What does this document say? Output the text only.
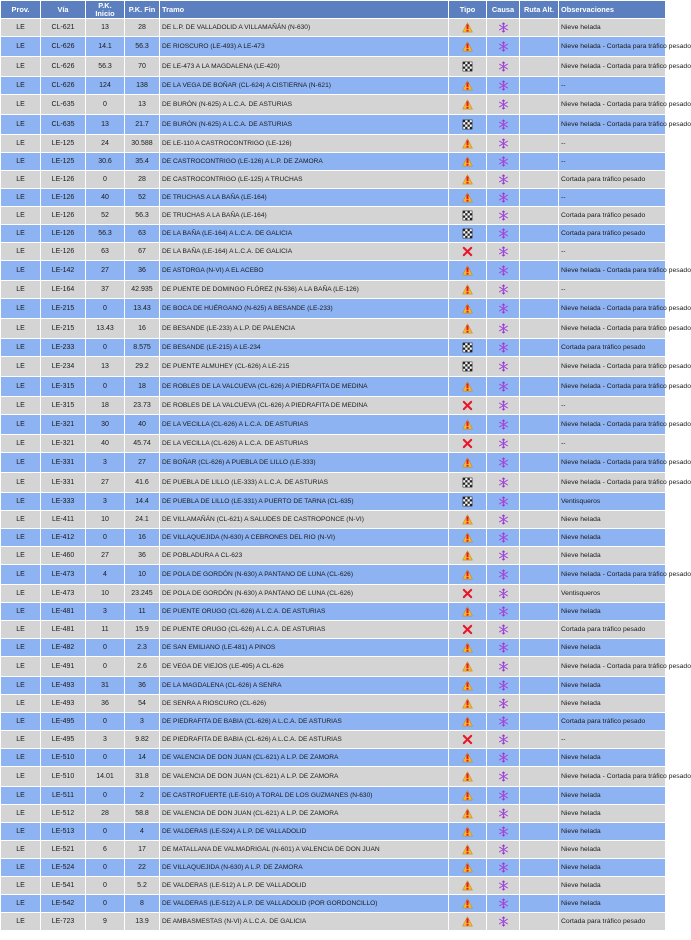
Prov.	Vía	P.K. Inicio	P.K. Fin	Tramo	Tipo	Causa	Ruta Alt.	Observaciones
LE	CL-621	13	28	DE L.P. DE VALLADOLID A VILLAMAÑÁN (N-630)				Nieve helada
LE	CL-626	14.1	56.3	DE RIOSCURO (LE-493) A LE-473				Nieve helada - Cortada para tráfico pesado
LE	CL-626	56.3	70	DE LE-473 A LA MAGDALENA (LE-420)				Nieve helada - Cortada para tráfico pesado
LE	CL-626	124	138	DE LA VEGA DE BOÑAR (CL-624) A CISTIERNA (N-621)				--
LE	CL-635	0	13	DE BURÓN (N-625) A L.C.A. DE ASTURIAS				Nieve helada - Cortada para tráfico pesado
LE	CL-635	13	21.7	DE BURÓN (N-625) A L.C.A. DE ASTURIAS				Nieve helada - Cortada para tráfico pesado
LE	LE-125	24	30.588	DE LE-110 A CASTROCONTRIGO (LE-126)				--
LE	LE-125	30.6	35.4	DE CASTROCONTRIGO (LE-126) A L.P. DE ZAMORA				--
LE	LE-126	0	28	DE CASTROCONTRIGO (LE-125) A TRUCHAS				Cortada para tráfico pesado
LE	LE-126	40	52	DE TRUCHAS A LA BAÑA (LE-164)				--
LE	LE-126	52	56.3	DE TRUCHAS A LA BAÑA (LE-164)				Cortada para tráfico pesado
LE	LE-126	56.3	63	DE LA BAÑA (LE-164) A L.C.A. DE GALICIA				Cortada para tráfico pesado
LE	LE-126	63	67	DE LA BAÑA (LE-164) A L.C.A. DE GALICIA				--
LE	LE-142	27	36	DE ASTORGA (N-VI) A EL ACEBO				Nieve helada - Cortada para tráfico pesado
LE	LE-164	37	42.935	DE PUENTE DE DOMINGO FLÓREZ (N-536) A LA BAÑA (LE-126)				--
LE	LE-215	0	13.43	DE BOCA DE HUÉRGANO (N-625) A BESANDE (LE-233)				Nieve helada - Cortada para tráfico pesado
LE	LE-215	13.43	16	DE BESANDE (LE-233) A L.P. DE PALENCIA				Nieve helada - Cortada para tráfico pesado
LE	LE-233	0	8.575	DE BESANDE (LE-215) A LE-234				Cortada para tráfico pesado
LE	LE-234	13	29.2	DE PUENTE ALMUHEY (CL-626) A LE-215				Nieve helada - Cortada para tráfico pesado
LE	LE-315	0	18	DE ROBLES DE LA VALCUEVA (CL-626) A PIEDRAFITA DE MEDINA				Nieve helada - Cortada para tráfico pesado
LE	LE-315	18	23.73	DE ROBLES DE LA VALCUEVA (CL-626) A PIEDRAFITA DE MEDINA				--
LE	LE-321	30	40	DE LA VECILLA (CL-626) A L.C.A. DE ASTURIAS				Nieve helada - Cortada para tráfico pesado
LE	LE-321	40	45.74	DE LA VECILLA (CL-626) A L.C.A. DE ASTURIAS				--
LE	LE-331	3	27	DE BOÑAR (CL-626) A PUEBLA DE LILLO (LE-333)				Nieve helada - Cortada para tráfico pesado
LE	LE-331	27	41.6	DE PUEBLA DE LILLO (LE-333) A L.C.A. DE ASTURIAS				Nieve helada - Cortada para tráfico pesado
LE	LE-333	3	14.4	DE PUEBLA DE LILLO (LE-331) A PUERTO DE TARNA (CL-635)				Ventisqueros
LE	LE-411	10	24.1	DE VILLAMAÑÁN (CL-621) A SALUDES DE CASTROPONCE (N-VI)				Nieve helada
LE	LE-412	0	16	DE VILLAQUEJIDA (N-630) A CEBRONES DEL RIO (N-VI)				Nieve helada
LE	LE-460	27	36	DE POBLADURA A CL-623				Nieve helada
LE	LE-473	4	10	DE POLA DE GORDÓN (N-630) A PANTANO DE LUNA (CL-626)				Nieve helada - Cortada para tráfico pesado
LE	LE-473	10	23.245	DE POLA DE GORDÓN (N-630) A PANTANO DE LUNA (CL-626)				Ventisqueros
LE	LE-481	3	11	DE PUENTE ORUGO (CL-626) A L.C.A. DE ASTURIAS				Nieve helada
LE	LE-481	11	15.9	DE PUENTE ORUGO (CL-626) A L.C.A. DE ASTURIAS				Cortada para tráfico pesado
LE	LE-482	0	2.3	DE SAN EMILIANO (LE-481) A PINOS				Nieve helada
LE	LE-491	0	2.6	DE VEGA DE VIEJOS (LE-495) A CL-626				Nieve helada - Cortada para tráfico pesado
LE	LE-493	31	36	DE LA MAGDALENA (CL-626) A SENRA				Nieve helada
LE	LE-493	36	54	DE SENRA A RIOSCURO (CL-626)				Nieve helada
LE	LE-495	0	3	DE PIEDRAFITA DE BABIA (CL-626) A L.C.A. DE ASTURIAS				Cortada para tráfico pesado
LE	LE-495	3	9.82	DE PIEDRAFITA DE BABIA (CL-626) A L.C.A. DE ASTURIAS				--
LE	LE-510	0	14	DE VALENCIA DE DON JUAN (CL-621) A L.P. DE ZAMORA				Nieve helada
LE	LE-510	14.01	31.8	DE VALENCIA DE DON JUAN (CL-621) A L.P. DE ZAMORA				Nieve helada - Cortada para tráfico pesado
LE	LE-511	0	2	DE CASTROFUERTE (LE-510) A TORAL DE LOS GUZMANES (N-630)				Nieve helada
LE	LE-512	28	58.8	DE VALENCIA DE DON JUAN (CL-621) A L.P. DE ZAMORA				Nieve helada
LE	LE-513	0	4	DE VALDERAS (LE-524) A L.P. DE VALLADOLID				Nieve helada
LE	LE-521	6	17	DE MATALLANA DE VALMADRIGAL (N-601) A VALENCIA DE DON JUAN				Nieve helada
LE	LE-524	0	22	DE VILLAQUEJIDA (N-630) A L.P. DE ZAMORA				Nieve helada
LE	LE-541	0	5.2	DE VALDERAS (LE-512) A L.P. DE VALLADOLID				Nieve helada
LE	LE-542	0	8	DE VALDERAS (LE-512) A L.P. DE VALLADOLID (POR GORDONCILLO)				Nieve helada
LE	LE-723	9	13.9	DE AMBASMESTAS (N-VI) A L.C.A. DE GALICIA				Cortada para tráfico pesado
